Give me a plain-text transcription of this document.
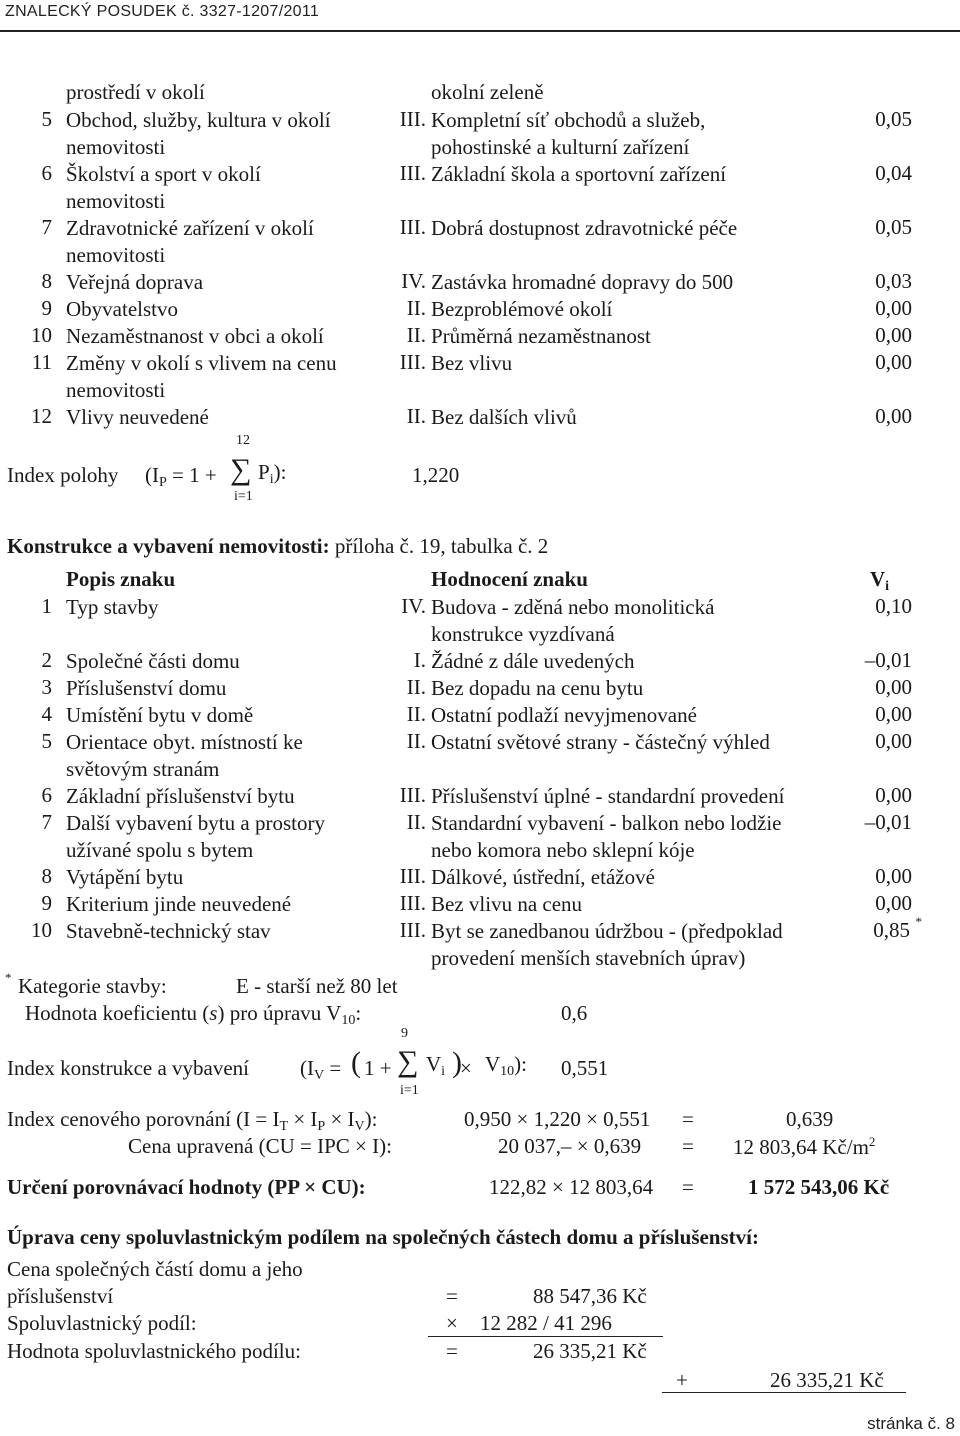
ZNALECKÝ POSUDEK č. 3327-1207/2011
prostředí v okolí	okolní zeleně
5 Obchod, služby, kultura v okolí	III. Kompletní síť obchodů a služeb,	0,05
nemovitosti	pohostinské a kulturní zařízení
6 Školství a sport v okolí	III. Základní škola a sportovní zařízení	0,04
nemovitosti
7 Zdravotnické zařízení v okolí	III. Dobrá dostupnost zdravotnické péče	0,05
nemovitosti
8 Veřejná doprava	IV. Zastávka hromadné dopravy do 500	0,03
9 Obyvatelstvo	II. Bezproblémové okolí	0,00
10 Nezaměstnanost v obci a okolí	II. Průměrná nezaměstnanost	0,00
11 Změny v okolí s vlivem na cenu	III. Bez vlivu	0,00
nemovitosti
12 Vlivy neuvedené	II. Bez dalších vlivů	0,00
Index polohy ($I_P = 1$ +
12
∑
i=1
$P_i$):	1,220
Konstrukce a vybavení nemovitosti: příloha č. 19, tabulka č. 2
Popis znaku	Hodnocení znaku	$V_i$
1 Typ stavby	IV. Budova - zděná nebo monolitická	0,10
konstrukce vyzdívaná
2 Společné části domu	I. Žádné z dále uvedených	–0,01
3 Příslušenství domu	II. Bez dopadu na cenu bytu	0,00
4 Umístění bytu v domě	II. Ostatní podlaží nevyjmenované	0,00
5 Orientace obyt. místností ke	II. Ostatní světové strany - částečný výhled	0,00
světovým stranám
6 Základní příslušenství bytu	III. Příslušenství úplné - standardní provedení	0,00
7 Další vybavení bytu a prostory	II. Standardní vybavení - balkon nebo lodžie	–0,01
užívané spolu s bytem	nebo komora nebo sklepní kóje
8 Vytápění bytu	III. Dálkové, ústřední, etážové	0,00
9 Kriterium jinde neuvedené	III. Bez vlivu na cenu	0,00
10 Stavebně-technický stav	III. Byt se zanedbanou údržbou - (předpoklad	0,85
provedení menších stavebních úprav)
*
* Kategorie stavby:	E - starší než 80 let
Hodnota koeficientu (s) pro úpravu $V_{10}$:	0,6
Index konstrukce a vybavení ($I_V$ = ( 1 +
9
∑
i=1
$V_i$ )
× $V_{10}$): 0,551
Index cenového porovnání $(I = I_T \times I_P \times I_V)$:	0,950 × 1,220 × 0,551 =	0,639
Cena upravená (CU = IPC × I):	20 037,– × 0,639 = 12 803,64 $Kč/m^2$
Určení porovnávací hodnoty (PP × CU):	122,82 × 12 803,64 =	1 572 543,06 Kč
Úprava ceny spoluvlastnickým podílem na společných částech domu a příslušenství:
Cena společných částí domu a jeho
příslušenství	=	88 547,36 Kč
Spoluvlastnický podíl:	× 12 282 / 41 296
Hodnota spoluvlastnického podílu:	=	26 335,21 Kč
+	26 335,21 Kč
stránka č. 8
